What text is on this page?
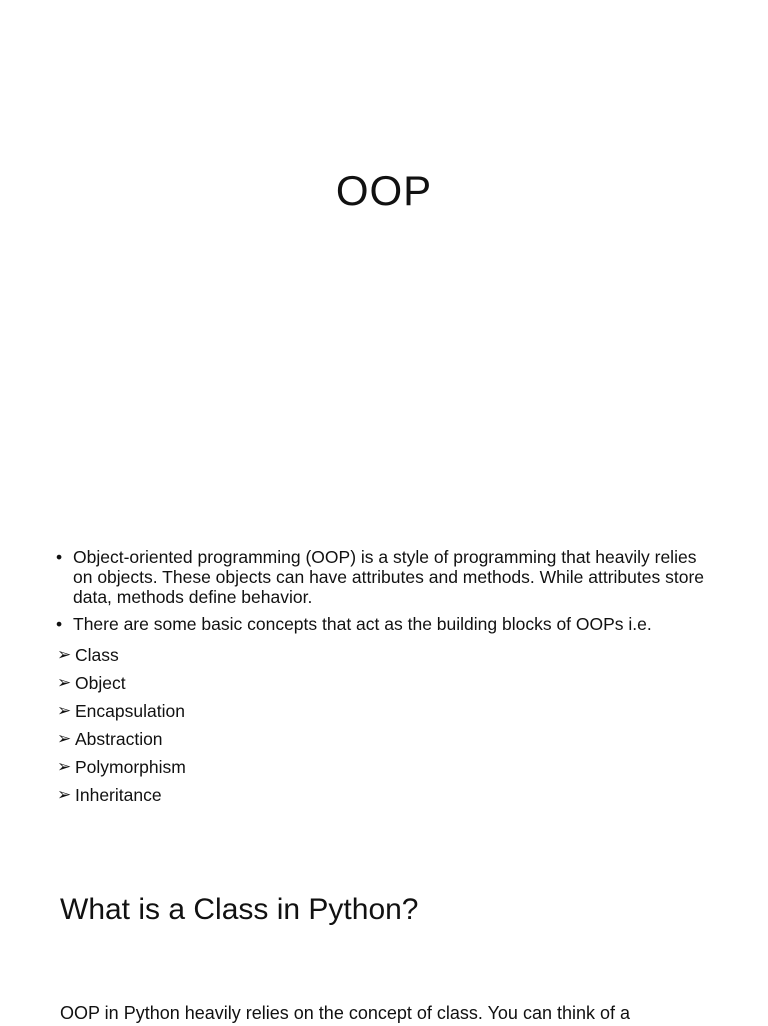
OOP
• Object-oriented programming (OOP) is a style of programming that heavily relies on objects. These objects can have attributes and methods. While attributes store data, methods define behavior.
• There are some basic concepts that act as the building blocks of OOPs i.e.
➢ Class
➢ Object
➢ Encapsulation
➢ Abstraction
➢ Polymorphism
➢ Inheritance
What is a Class in Python?

OOP in Python heavily relies on the concept of class. You can think of a
